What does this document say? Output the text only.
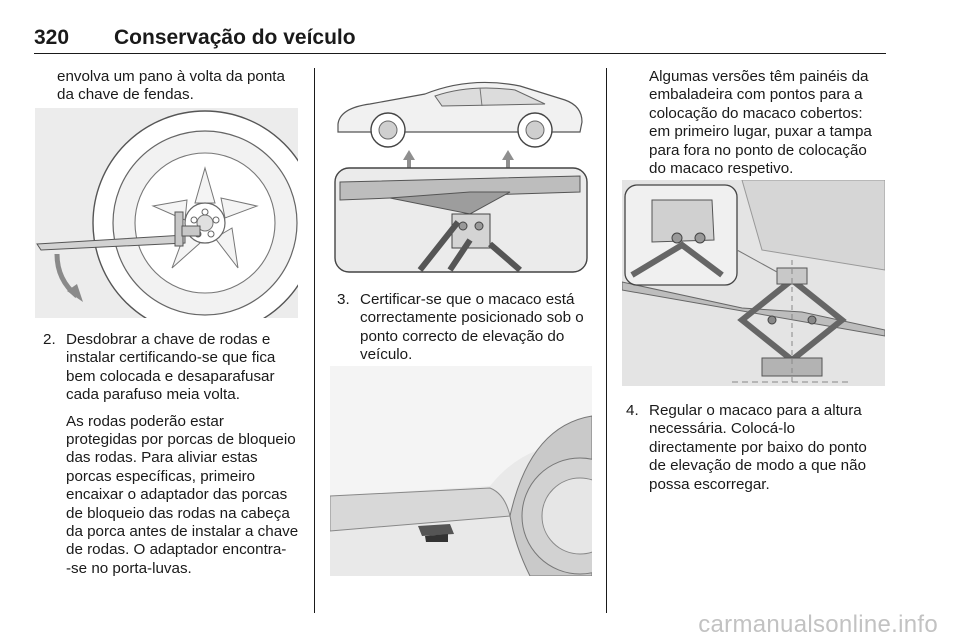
320 Conservação do veículo

envolva um pano à volta da ponta

da chave de fendas.

2. Desdobrar a chave de rodas e

instalar certificando-se que fica

bem colocada e desaparafusar

cada parafuso meia volta.

As rodas poderão estar

protegidas por porcas de bloqueio

das rodas. Para aliviar estas

porcas específicas, primeiro

encaixar o adaptador das porcas

de bloqueio das rodas na cabeça

da porca antes de instalar a chave

de rodas. O adaptador encontra-

-se no porta-luvas.

3. Certificar-se que o macaco está

correctamente posicionado sob o

ponto correcto de elevação do

veículo.

Algumas versões têm painéis da

embaladeira com pontos para a

colocação do macaco cobertos:

em primeiro lugar, puxar a tampa

para fora no ponto de colocação

do macaco respetivo.

4. Regular o macaco para a altura

necessária. Colocá-lo

directamente por baixo do ponto

de elevação de modo a que não

possa escorregar.

carmanualsonline.info
